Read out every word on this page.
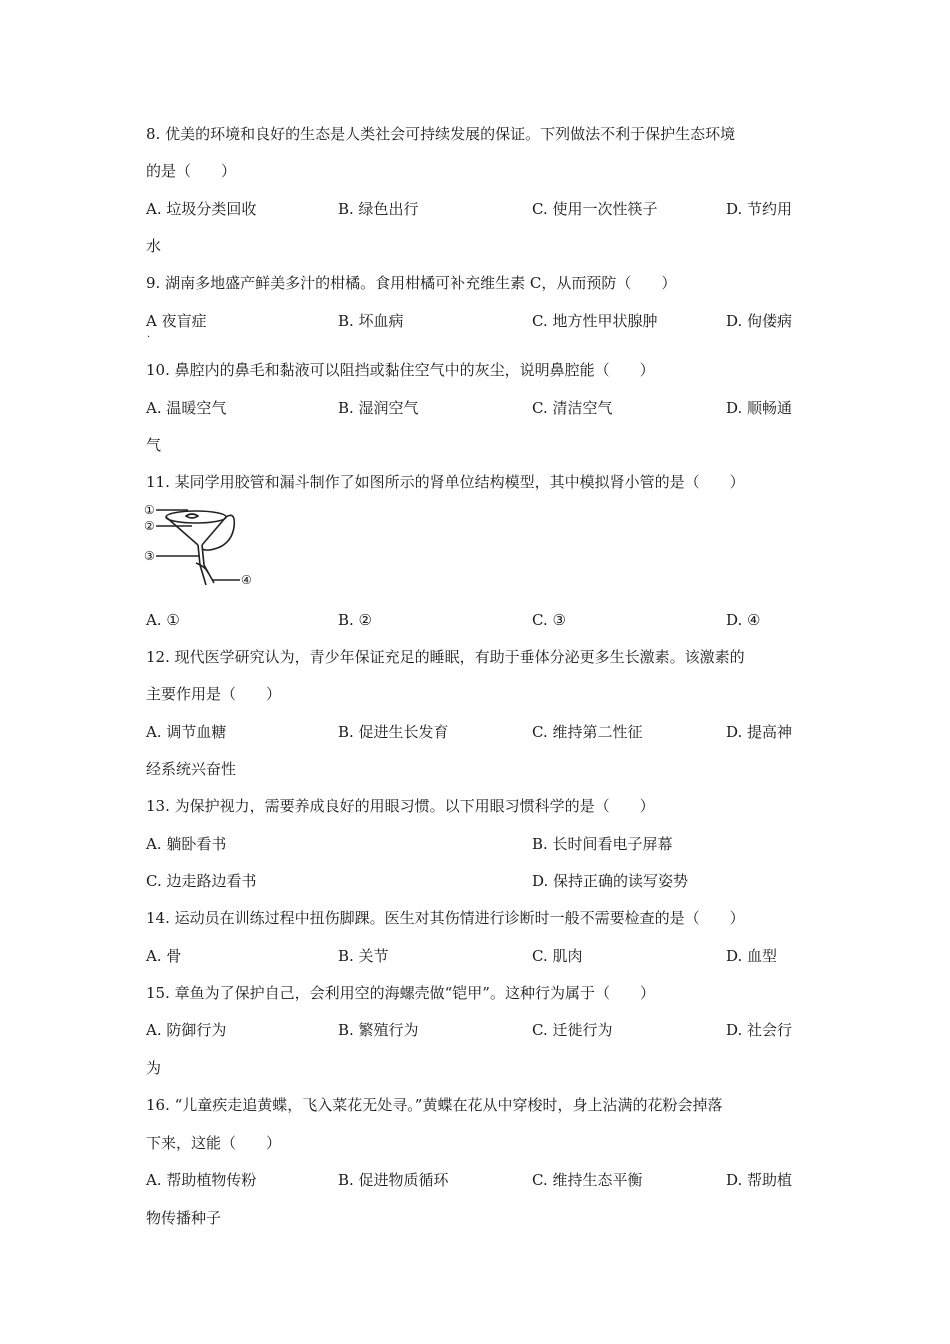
8. 优美的环境和良好的生态是人类社会可持续发展的保证。下列做法不利于保护生态环境
的是（　　）
A. 垃圾分类回收	B. 绿色出行	C. 使用一次性筷子	D. 节约用
水
9. 湖南多地盛产鲜美多汁的柑橘。食用柑橘可补充维生素 C，从而预防（　　）
A 夜盲症	B. 坏血病	C. 地方性甲状腺肿	D. 佝偻病
·
10. 鼻腔内的鼻毛和黏液可以阻挡或黏住空气中的灰尘，说明鼻腔能（　　）
A. 温暖空气	B. 湿润空气	C. 清洁空气	D. 顺畅通
气
11. 某同学用胶管和漏斗制作了如图所示的肾单位结构模型，其中模拟肾小管的是（　　）
①
②
③
④
A. ①	B. ②	C. ③	D. ④
12. 现代医学研究认为，青少年保证充足的睡眠，有助于垂体分泌更多生长激素。该激素的
主要作用是（　　）
A. 调节血糖	B. 促进生长发育	C. 维持第二性征	D. 提高神
经系统兴奋性
13. 为保护视力，需要养成良好的用眼习惯。以下用眼习惯科学的是（　　）
A. 躺卧看书	B. 长时间看电子屏幕
C. 边走路边看书	D. 保持正确的读写姿势
14. 运动员在训练过程中扭伤脚踝。医生对其伤情进行诊断时一般不需要检查的是（　　）
A. 骨	B. 关节	C. 肌肉	D. 血型
15. 章鱼为了保护自己，会利用空的海螺壳做“铠甲”。这种行为属于（　　）
A. 防御行为	B. 繁殖行为	C. 迁徙行为	D. 社会行
为
16. “儿童疾走追黄蝶，飞入菜花无处寻。”黄蝶在花从中穿梭时，身上沾满的花粉会掉落
下来，这能（　　）
A. 帮助植物传粉	B. 促进物质循环	C. 维持生态平衡	D. 帮助植
物传播种子
